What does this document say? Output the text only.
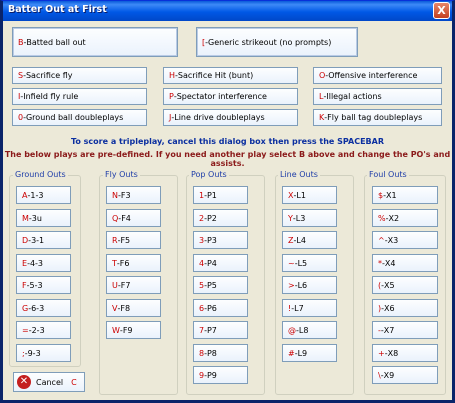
Batter Out at First	X
B - Batted ball out	[ - Generic strikeout (no prompts)
S - Sacrifice fly	H - Sacrifice Hit (bunt)	O - Offensive interference
I - Infield fly rule	P - Spectator interference	L - Illegal actions
0 - Ground ball doubleplays	J - Line drive doubleplays	K - Fly ball tag doubleplays
To score a tripleplay, cancel this dialog box then press the SPACEBAR
The below plays are pre-defined. If you need another play select B above and change the PO's and assists.
Ground Outs	Fly Outs	Pop Outs	Line Outs	Foul Outs
A - 1-3
M - 3u
D - 3-1
E - 4-3
F - 5-3
G - 6-3
= - 2-3
; - 9-3
N - F3
Q - F4
R - F5
T - F6
U - F7
V - F8
W - F9
1 - P1
2 - P2
3 - P3
4 - P4
5 - P5
6 - P6
7 - P7
8 - P8
9 - P9
X - L1
Y - L3
Z - L4
~ - L5
> - L6
! - L7
@ - L8
# - L9
$ - X1
% - X2
^ - X3
* - X4
( - X5
) - X6
- - X7
+ - X8
\ - X9
✕ Cancel C
